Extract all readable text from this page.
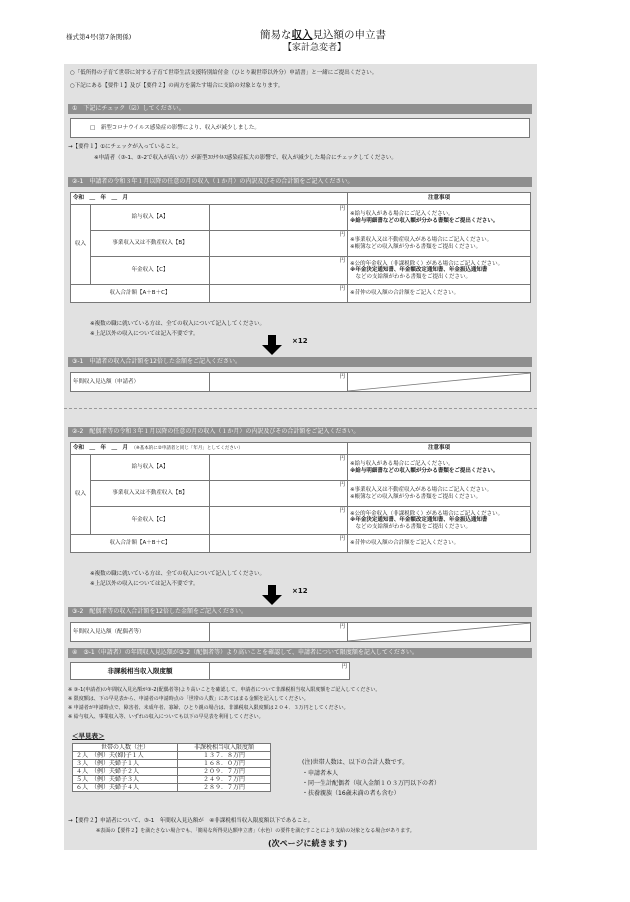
様式第4号(第7条関係)	簡易な収入見込額の申立書
【家計急変者】
○「低所得の子育て世帯に対する子育て世帯生活支援特別給付金（ひとり親世帯以外分）申請書」と一緒にご提出ください。
○下記にある【要件１】及び【要件２】の両方を満たす場合に支給の対象となります。
①　下記にチェック（☑）してください。
□　新型コロナウイルス感染症の影響により、収入が減少しました。
→【要件１】①にチェックが入っていること。
※申請者（③-1、③-2で収入が高い方）が新型ｺﾛﾅｳｲﾙｽ感染症拡大の影響で、収入が減少した場合にチェックしてください。
②-1　申請者の令和３年１月以降の任意の月の収入（１か月）の内訳及びその合計額をご記入ください。
令和　＿　年　＿　月			注意事項
収入	給与収入【A】	円	※給与収入がある場合にご記入ください。
※給与明細書などの収入額が分かる書類をご提出ください。

	事業収入又は不動産収入【B】	円	※事業収入又は不動産収入がある場合にご記入ください。
※帳簿などの収入額が分かる書類をご提出ください。

	年金収入【C】	円	※公的年金収入（非課税除く）がある場合にご記入ください。
※年金決定通知書、年金額改定通知書、年金振込通知書
　などの支給額がわかる書類をご提出ください。

収入合計額【A＋B＋C】		円	※昔仲の収入額の合計額をご記入ください。
※複数の職に就いている方は、全ての収入について記入してください。
※上記以外の収入については記入不要です。
×12
③-1　申請者の収入合計額を12倍した金額をご記入ください。
年間収入見込額（申請者）	
円

②-2　配偶者等の令和３年１月以降の任意の月の収入（１か月）の内訳及びその合計額をご記入ください。
令和　＿　年　＿　月 （※基本的に②申請者と同じ「年月」としてください）			注意事項
収入	給与収入【A】	円	※給与収入がある場合にご記入ください。
※給与明細書などの収入額が分かる書類をご提出ください。

	事業収入又は不動産収入【B】	円	※事業収入又は不動産収入がある場合にご記入ください。
※帳簿などの収入額が分かる書類をご提出ください。

	年金収入【C】	円	※公的年金収入（非課税除く）がある場合にご記入ください。
※年金決定通知書、年金額改定通知書、年金振込通知書
　などの支給額がわかる書類をご提出ください。

収入合計額【A＋B＋C】		円	※昔仲の収入額の合計額をご記入ください。
※複数の職に就いている方は、全ての収入について記入してください。
※上記以外の収入については記入不要です。
×12
③-2　配偶者等の収入合計額を12倍した金額をご記入ください。
年間収入見込額（配偶者等）	
円

④　③-1（申請者）の年間収入見込額が③-2（配偶者等）より高いことを確認して、申請者について限度額を記入してください。
非課税相当収入限度額	円
※ ③-1(申請者)の年間収入見込額が③-2(配偶者等)より高いことを確認して、申請者について非課税相当収入限度額をご記入してください。
※ 限度額は、下の早見表から、申請者の申請時点の「世帯の人数」にあてはまる金額を記入してください。
※ 申請者が申請時点で、障害者、未成年者、寡婦、ひとり親の場合は、非課税収入限度額は２０４．３万円としてください。
※ 給与収入、事業収入等、いずれの収入についても以下の早見表を利用してください。
＜早見表＞
世帯の人数（注）	非課税相当収入限度額
２人　（例）夫(婦)子１人	１３７．８万円
３人　（例）夫婦子１人	１６８．０万円
４人　（例）夫婦子２人	２０９．７万円
５人　（例）夫婦子３人	２４９．７万円
６人　（例）夫婦子４人	２８９．７万円
(注)世帯人数は、以下の合計人数です。
・申請者本人
・同一生計配偶者（収入金額１０３万円以下の者）
・扶養親族（16歳未満の者も含む）
→【要件２】申請者について、③-1　年間収入見込額が　④非課税相当収入限度額以下であること。
※表面の【要件２】を満たさない場合でも、「簡易な所得見込額申立書」（水色）の要件を満たすことにより支給の対象となる場合があります。
(次ページに続きます)
